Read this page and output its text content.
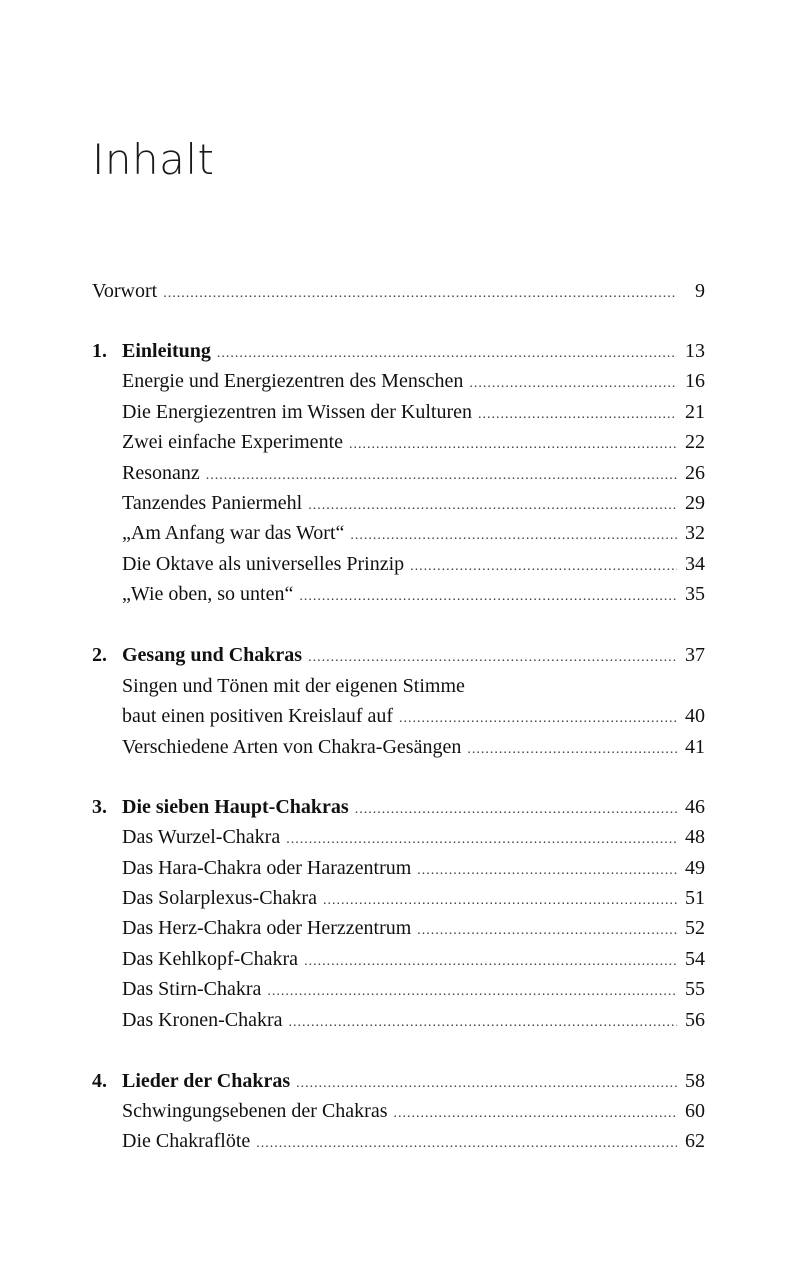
Inhalt
Vorwort .....	9
1. Einleitung .....	13
Energie und Energiezentren des Menschen .....	16
Die Energiezentren im Wissen der Kulturen .....	21
Zwei einfache Experimente .....	22
Resonanz .....	26
Tanzendes Paniermehl .....	29
„Am Anfang war das Wort“ .....	32
Die Oktave als universelles Prinzip .....	34
„Wie oben, so unten“ .....	35
2. Gesang und Chakras .....	37
Singen und Tönen mit der eigenen Stimme
baut einen positiven Kreislauf auf .....	40
Verschiedene Arten von Chakra-Gesängen .....	41
3. Die sieben Haupt-Chakras .....	46
Das Wurzel-Chakra .....	48
Das Hara-Chakra oder Harazentrum .....	49
Das Solarplexus-Chakra .....	51
Das Herz-Chakra oder Herzzentrum .....	52
Das Kehlkopf-Chakra .....	54
Das Stirn-Chakra .....	55
Das Kronen-Chakra .....	56
4. Lieder der Chakras .....	58
Schwingungsebenen der Chakras .....	60
Die Chakraflöte .....	62
